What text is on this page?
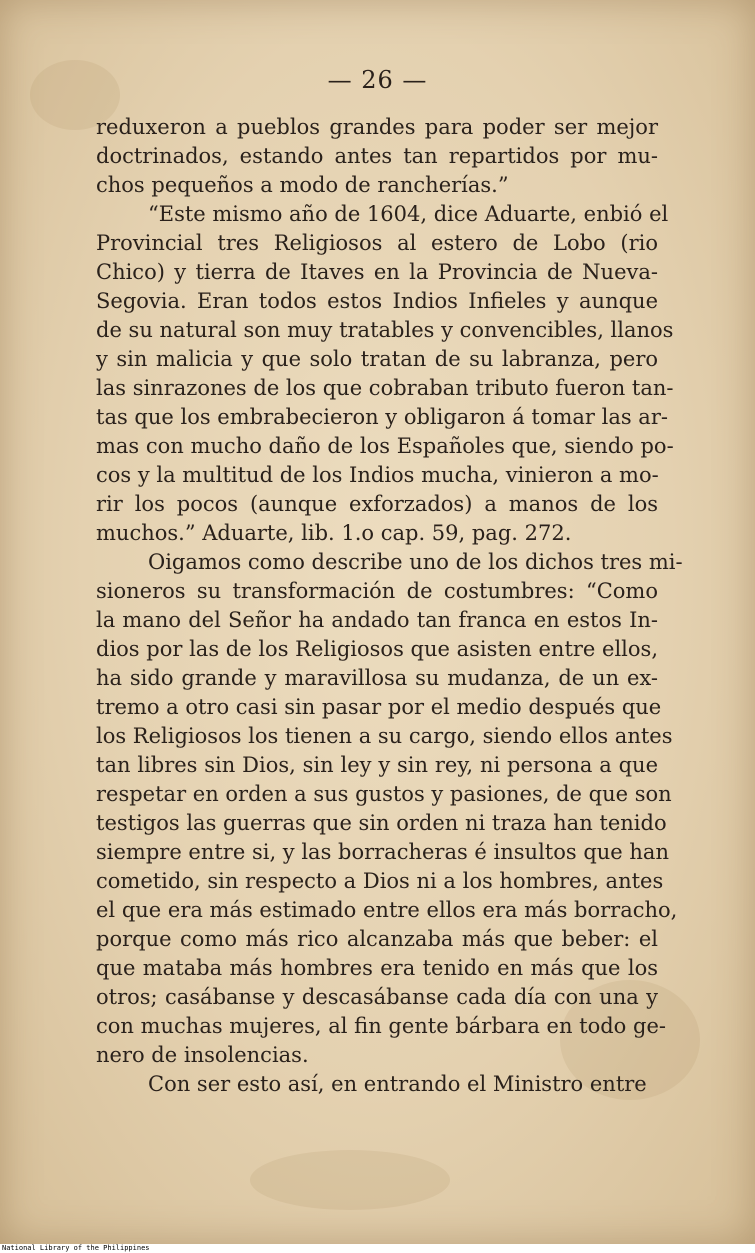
— 26 —

reduxeron a pueblos grandes para poder ser mejor
doctrinados, estando antes tan repartidos por mu-
chos pequeños a modo de rancherías.”

“Este mismo año de 1604, dice Aduarte, enbió el
Provincial tres Religiosos al estero de Lobo (rio
Chico) y tierra de Itaves en la Provincia de Nueva-
Segovia. Eran todos estos Indios Infieles y aunque
de su natural son muy tratables y convencibles, llanos
y sin malicia y que solo tratan de su labranza, pero
las sinrazones de los que cobraban tributo fueron tan-
tas que los embrabecieron y obligaron á tomar las ar-
mas con mucho daño de los Españoles que, siendo po-
cos y la multitud de los Indios mucha, vinieron a mo-
rir los pocos (aunque exforzados) a manos de los
muchos.” Aduarte, lib. 1.o cap. 59, pag. 272.

Oigamos como describe uno de los dichos tres mi-
sioneros su transformación de costumbres: “Como
la mano del Señor ha andado tan franca en estos In-
dios por las de los Religiosos que asisten entre ellos,
ha sido grande y maravillosa su mudanza, de un ex-
tremo a otro casi sin pasar por el medio después que
los Religiosos los tienen a su cargo, siendo ellos antes
tan libres sin Dios, sin ley y sin rey, ni persona a que
respetar en orden a sus gustos y pasiones, de que son
testigos las guerras que sin orden ni traza han tenido
siempre entre si, y las borracheras é insultos que han
cometido, sin respecto a Dios ni a los hombres, antes
el que era más estimado entre ellos era más borracho,
porque como más rico alcanzaba más que beber: el
que mataba más hombres era tenido en más que los
otros; casábanse y descasábanse cada día con una y
con muchas mujeres, al fin gente bárbara en todo ge-
nero de insolencias.

Con ser esto así, en entrando el Ministro entre

National Library of the Philippines
